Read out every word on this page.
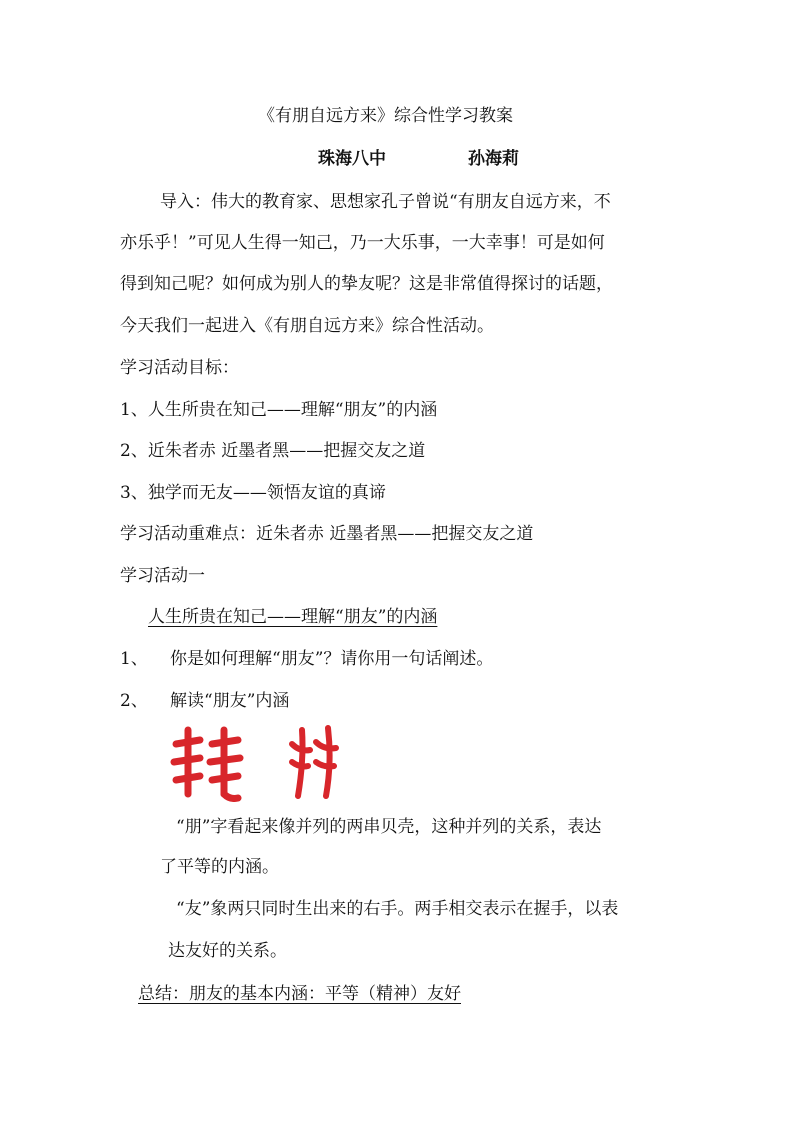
《有朋自远方来》综合性学习教案
珠海八中	孙海莉
导入：伟大的教育家、思想家孔子曾说“有朋友自远方来，不
亦乐乎！”可见人生得一知己，乃一大乐事，一大幸事！可是如何
得到知己呢？如何成为别人的挚友呢？这是非常值得探讨的话题，
今天我们一起进入《有朋自远方来》综合性活动。
学习活动目标：
1、人生所贵在知己——理解“朋友”的内涵
2、近朱者赤 近墨者黑——把握交友之道
3、独学而无友——领悟友谊的真谛
学习活动重难点：近朱者赤 近墨者黑——把握交友之道
学习活动一
人生所贵在知己——理解“朋友”的内涵
1、 你是如何理解“朋友”？请你用一句话阐述。
2、 解读“朋友”内涵
“朋”字看起来像并列的两串贝壳，这种并列的关系，表达
了平等的内涵。
“友”象两只同时生出来的右手。两手相交表示在握手，以表
达友好的关系。
总结：朋友的基本内涵：平等（精神）友好
